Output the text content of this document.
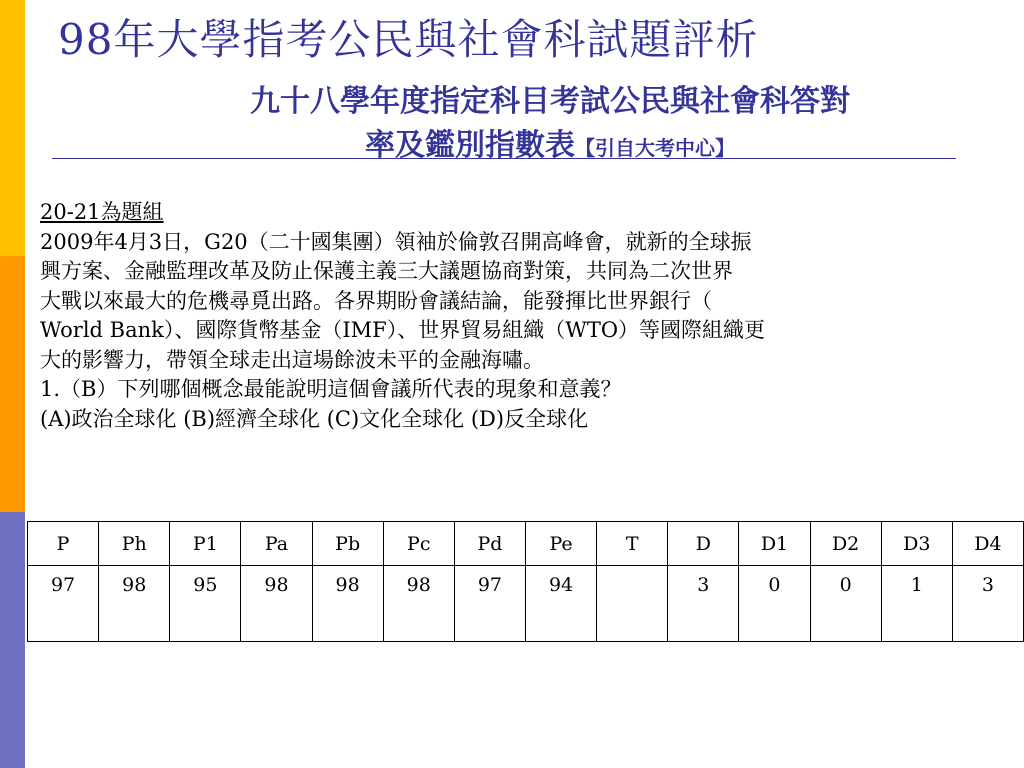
98年大學指考公民與社會科試題評析
九十八學年度指定科目考試公民與社會科答對
率及鑑別指數表【引自大考中心】
20-21為題組
2009年4月3日，G20（二十國集團）領袖於倫敦召開高峰會，就新的全球振
興方案、金融監理改革及防止保護主義三大議題協商對策，共同為二次世界
大戰以來最大的危機尋覓出路。各界期盼會議結論，能發揮比世界銀行（
World Bank）、國際貨幣基金（IMF）、世界貿易組織（WTO）等國際組織更
大的影響力，帶領全球走出這場餘波未平的金融海嘯。
1.（B）下列哪個概念最能說明這個會議所代表的現象和意義？
(A)政治全球化 (B)經濟全球化 (C)文化全球化 (D)反全球化
P	Ph	P1	Pa	Pb	Pc	Pd	Pe	T	D	D1	D2	D3	D4
97	98	95	98	98	98	97	94		3	0	0	1	3
